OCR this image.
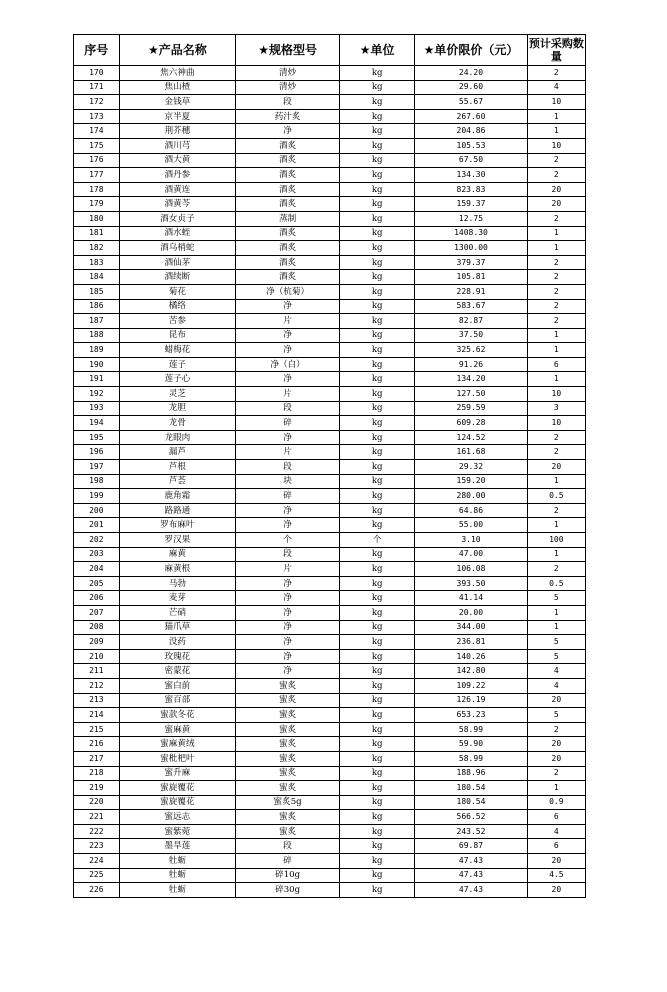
序号	★产品名称	★规格型号	★单位	★单价限价（元）	预计采购数量
170	焦六神曲	清炒	kg	24.20	2
171	焦山楂	清炒	kg	29.60	4
172	金钱草	段	kg	55.67	10
173	京半夏	药汁炙	kg	267.60	1
174	荆芥穗	净	kg	204.86	1
175	酒川芎	酒炙	kg	105.53	10
176	酒大黄	酒炙	kg	67.50	2
177	酒丹参	酒炙	kg	134.30	2
178	酒黄连	酒炙	kg	823.83	20
179	酒黄芩	酒炙	kg	159.37	20
180	酒女贞子	蒸制	kg	12.75	2
181	酒水蛭	酒炙	kg	1408.30	1
182	酒乌梢蛇	酒炙	kg	1300.00	1
183	酒仙茅	酒炙	kg	379.37	2
184	酒续断	酒炙	kg	105.81	2
185	菊花	净（杭菊）	kg	228.91	2
186	橘络	净	kg	583.67	2
187	苦参	片	kg	82.87	2
188	昆布	净	kg	37.50	1
189	蜡梅花	净	kg	325.62	1
190	莲子	净（白）	kg	91.26	6
191	莲子心	净	kg	134.20	1
192	灵芝	片	kg	127.50	10
193	龙胆	段	kg	259.59	3
194	龙骨	碎	kg	609.28	10
195	龙眼肉	净	kg	124.52	2
196	漏芦	片	kg	161.68	2
197	芦根	段	kg	29.32	20
198	芦荟	块	kg	159.20	1
199	鹿角霜	碎	kg	280.00	0.5
200	路路通	净	kg	64.86	2
201	罗布麻叶	净	kg	55.00	1
202	罗汉果	个	个	3.10	100
203	麻黄	段	kg	47.00	1
204	麻黄根	片	kg	106.08	2
205	马勃	净	kg	393.50	0.5
206	麦芽	净	kg	41.14	5
207	芒硝	净	kg	20.00	1
208	猫爪草	净	kg	344.00	1
209	没药	净	kg	236.81	5
210	玫瑰花	净	kg	140.26	5
211	密蒙花	净	kg	142.80	4
212	蜜白前	蜜炙	kg	109.22	4
213	蜜百部	蜜炙	kg	126.19	20
214	蜜款冬花	蜜炙	kg	653.23	5
215	蜜麻黄	蜜炙	kg	58.99	2
216	蜜麻黄绒	蜜炙	kg	59.90	20
217	蜜枇杷叶	蜜炙	kg	58.99	20
218	蜜升麻	蜜炙	kg	188.96	2
219	蜜旋覆花	蜜炙	kg	180.54	1
220	蜜旋覆花	蜜炙5g	kg	180.54	0.9
221	蜜远志	蜜炙	kg	566.52	6
222	蜜紫菀	蜜炙	kg	243.52	4
223	墨旱莲	段	kg	69.87	6
224	牡蛎	碎	kg	47.43	20
225	牡蛎	碎10g	kg	47.43	4.5
226	牡蛎	碎30g	kg	47.43	20
